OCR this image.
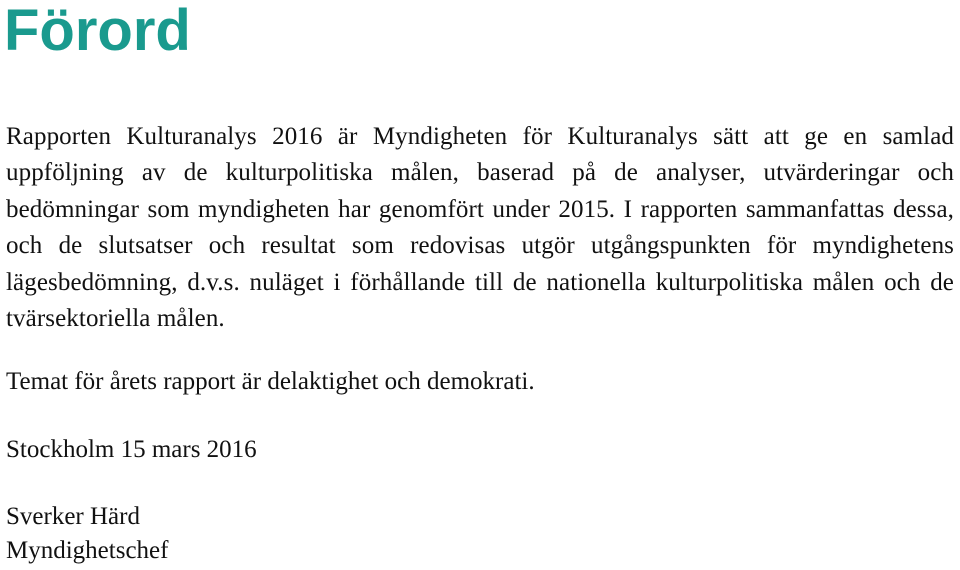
Förord

Rapporten Kulturanalys 2016 är Myndigheten för Kulturanalys sätt att ge en samlad uppföljning av de kulturpolitiska målen, baserad på de analyser, utvärderingar och bedömningar som myndigheten har genomfört under 2015. I rapporten sammanfattas dessa, och de slutsatser och resultat som redovisas utgör utgångspunkten för myndighetens lägesbedömning, d.v.s. nuläget i förhållande till de nationella kulturpolitiska målen och de tvärsektoriella målen.

Temat för årets rapport är delaktighet och demokrati.

Stockholm 15 mars 2016

Sverker Härd
Myndighetschef
